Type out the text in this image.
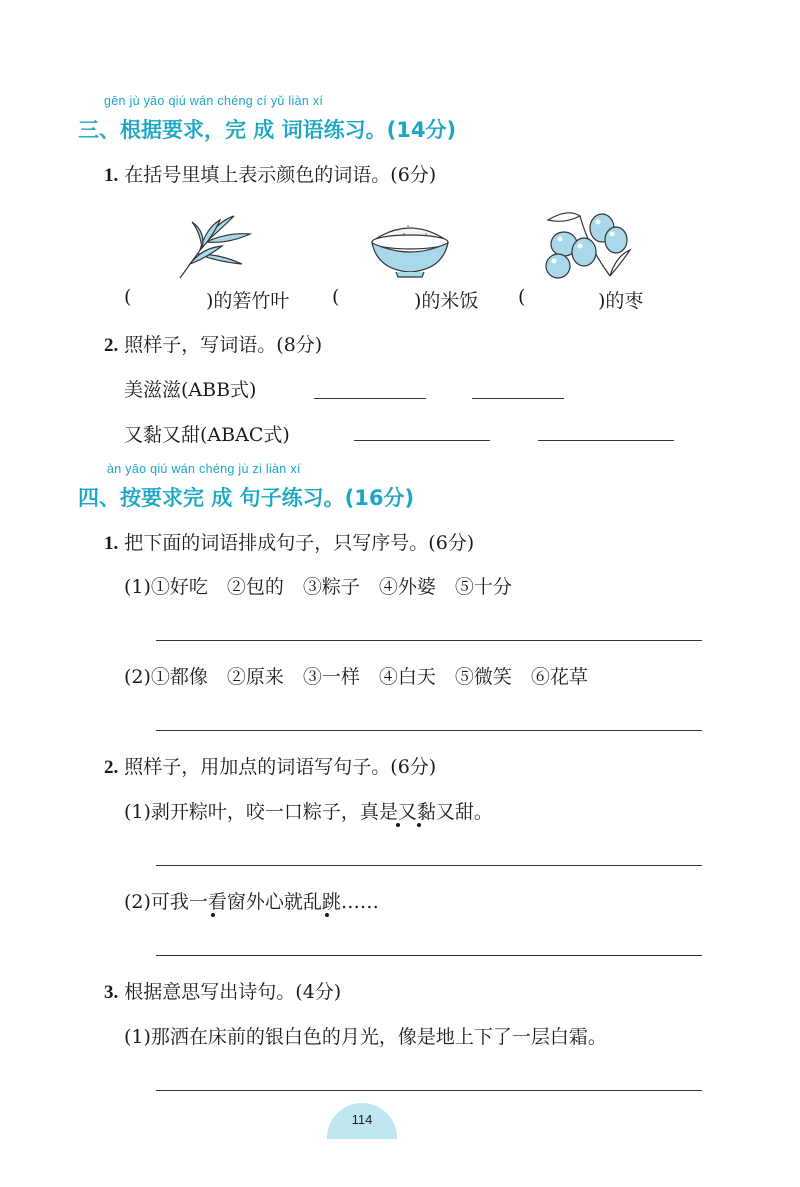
gēn jù yāo qiú wán chéng cí yǔ liàn xí
三、根据要求，完 成 词语练习。(14分)
1. 在括号里填上表示颜色的词语。(6分)
(	)的箬竹叶 (	)的米饭 (	)的枣
2. 照样子，写词语。(8分)
美滋滋(ABB式)
又黏又甜(ABAC式)
àn yāo qiú wán chéng jù zi liàn xí
四、按要求完 成 句子练习。(16分)
1. 把下面的词语排成句子，只写序号。(6分)
(1)①好吃　②包的　③粽子　④外婆　⑤十分
(2)①都像　②原来　③一样　④白天　⑤微笑　⑥花草
2. 照样子，用加点的词语写句子。(6分)
(1)剥开粽叶，咬一口粽子，真是又黏又甜。
(2)可我一看窗外心就乱跳……
3. 根据意思写出诗句。(4分)
(1)那洒在床前的银白色的月光，像是地上下了一层白霜。
114
